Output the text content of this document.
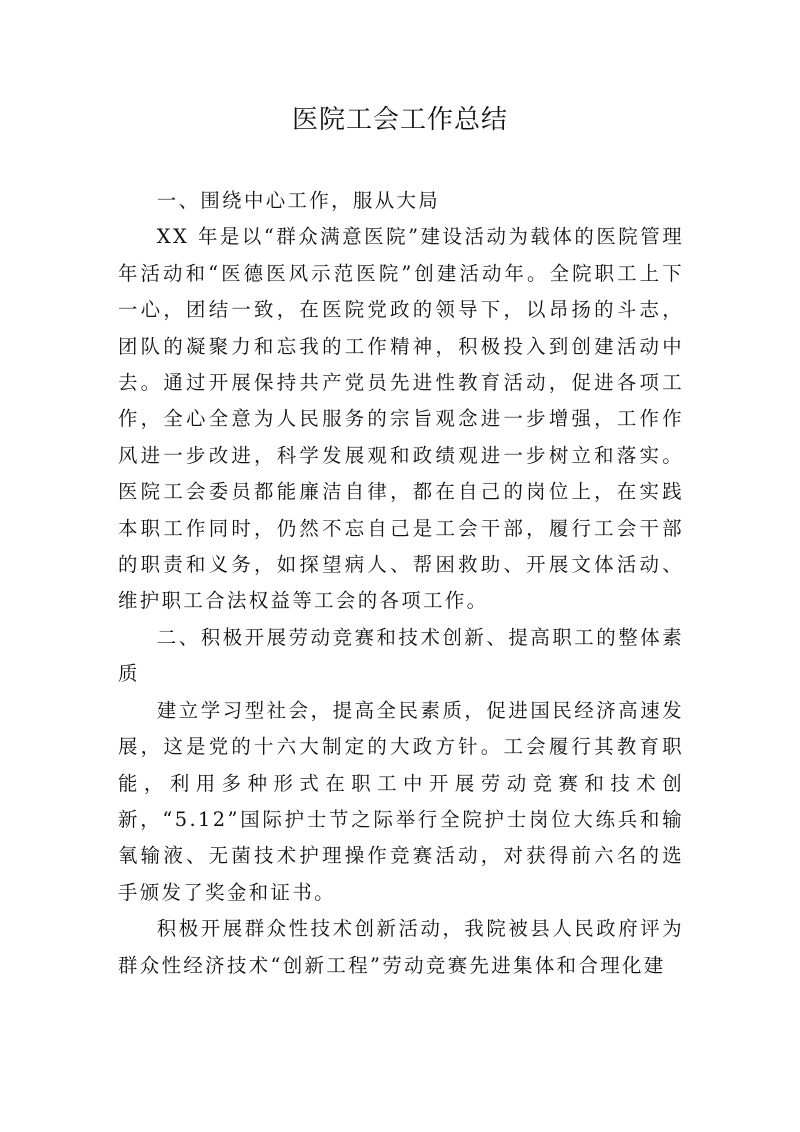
医院工会工作总结

一、围绕中心工作，服从大局

XX 年是以“群众满意医院”建设活动为载体的医院管理年活动和“医德医风示范医院”创建活动年。全院职工上下一心，团结一致，在医院党政的领导下，以昂扬的斗志，团队的凝聚力和忘我的工作精神，积极投入到创建活动中去。通过开展保持共产党员先进性教育活动，促进各项工作，全心全意为人民服务的宗旨观念进一步增强，工作作风进一步改进，科学发展观和政绩观进一步树立和落实。医院工会委员都能廉洁自律，都在自己的岗位上，在实践本职工作同时，仍然不忘自己是工会干部，履行工会干部的职责和义务，如探望病人、帮困救助、开展文体活动、维护职工合法权益等工会的各项工作。

二、积极开展劳动竞赛和技术创新、提高职工的整体素质

建立学习型社会，提高全民素质，促进国民经济高速发展，这是党的十六大制定的大政方针。工会履行其教育职能，利用多种形式在职工中开展劳动竞赛和技术创新，“5.12”国际护士节之际举行全院护士岗位大练兵和输氧输液、无菌技术护理操作竞赛活动，对获得前六名的选手颁发了奖金和证书。

积极开展群众性技术创新活动，我院被县人民政府评为群众性经济技术“创新工程”劳动竞赛先进集体和合理化建
